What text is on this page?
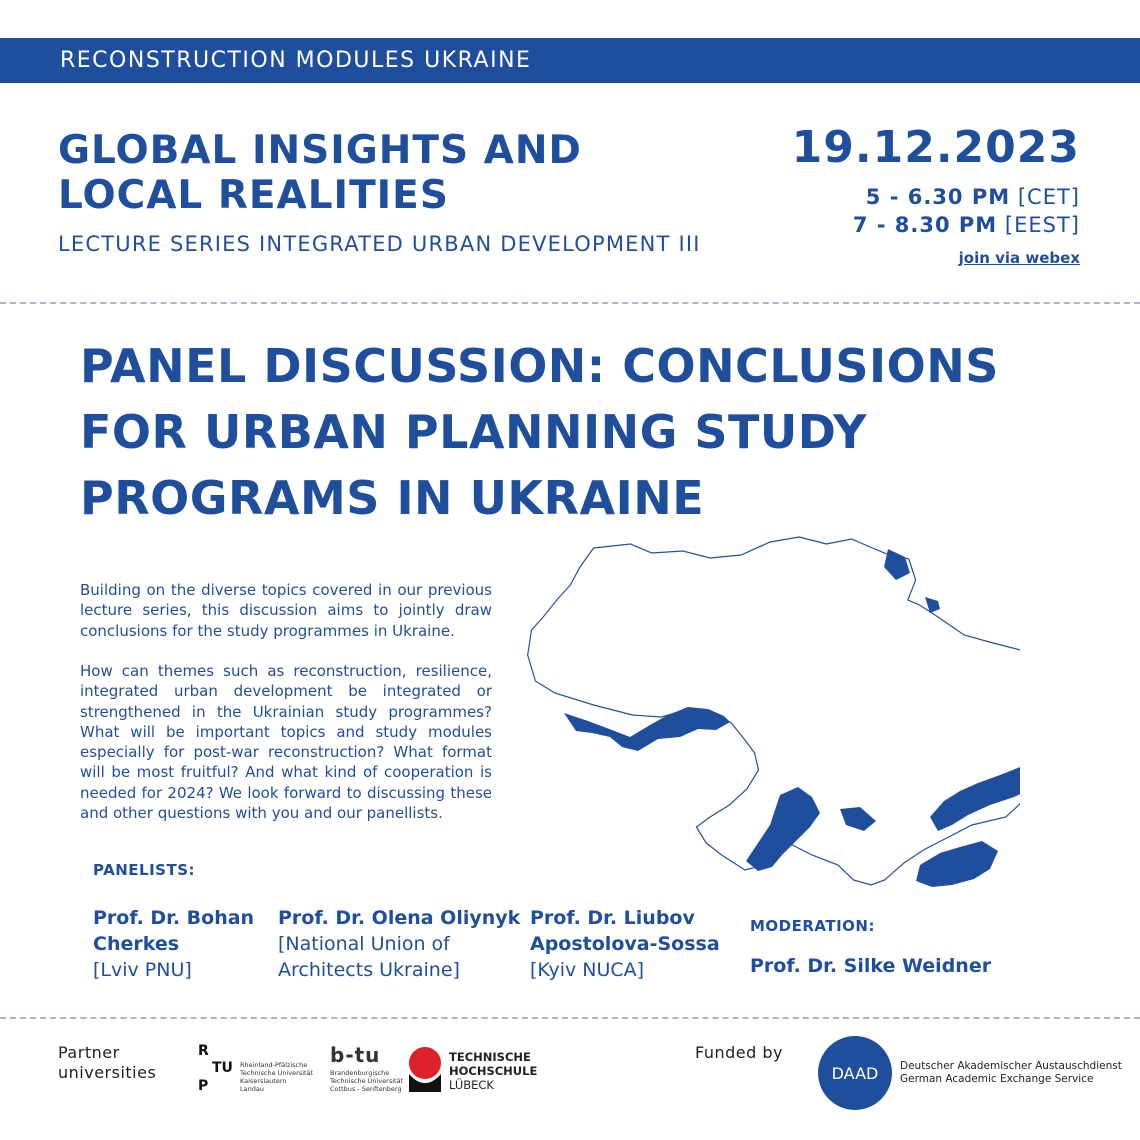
RECONSTRUCTION MODULES UKRAINE
GLOBAL INSIGHTS AND
LOCAL REALITIES
LECTURE SERIES INTEGRATED URBAN DEVELOPMENT III
19.12.2023
5 - 6.30 PM [CET]
7 - 8.30 PM [EEST]
join via webex
PANEL DISCUSSION: CONCLUSIONS
FOR URBAN PLANNING STUDY
PROGRAMS IN UKRAINE

Building on the diverse topics covered in our previous lecture series, this discussion aims to jointly draw conclusions for the study programmes in Ukraine.

How can themes such as reconstruction, resilience, integrated urban development be integrated or strengthened in the Ukrainian study programmes? What will be important topics and study modules especially for post-war reconstruction? What format will be most fruitful? And what kind of cooperation is needed for 2024? We look forward to discussing these and other questions with you and our panellists.

PANELISTS:
Prof. Dr. Bohan
Cherkes
[Lviv PNU]
Prof. Dr. Olena Oliynyk
[National Union of
Architects Ukraine]
Prof. Dr. Liubov
Apostolova-Sossa
[Kyiv NUCA]
MODERATION:
Prof. Dr. Silke Weidner
Partner
universities
R
TU
P
Rheinland-Pfälzische
Technische Universität
Kaiserslautern
Landau
b-tu
Brandenburgische
Technische Universität
Cottbus - Senftenberg
TECHNISCHE
HOCHSCHULE
LÜBECK
Funded by
DAAD	Deutscher Akademischer Austauschdienst
German Academic Exchange Service
